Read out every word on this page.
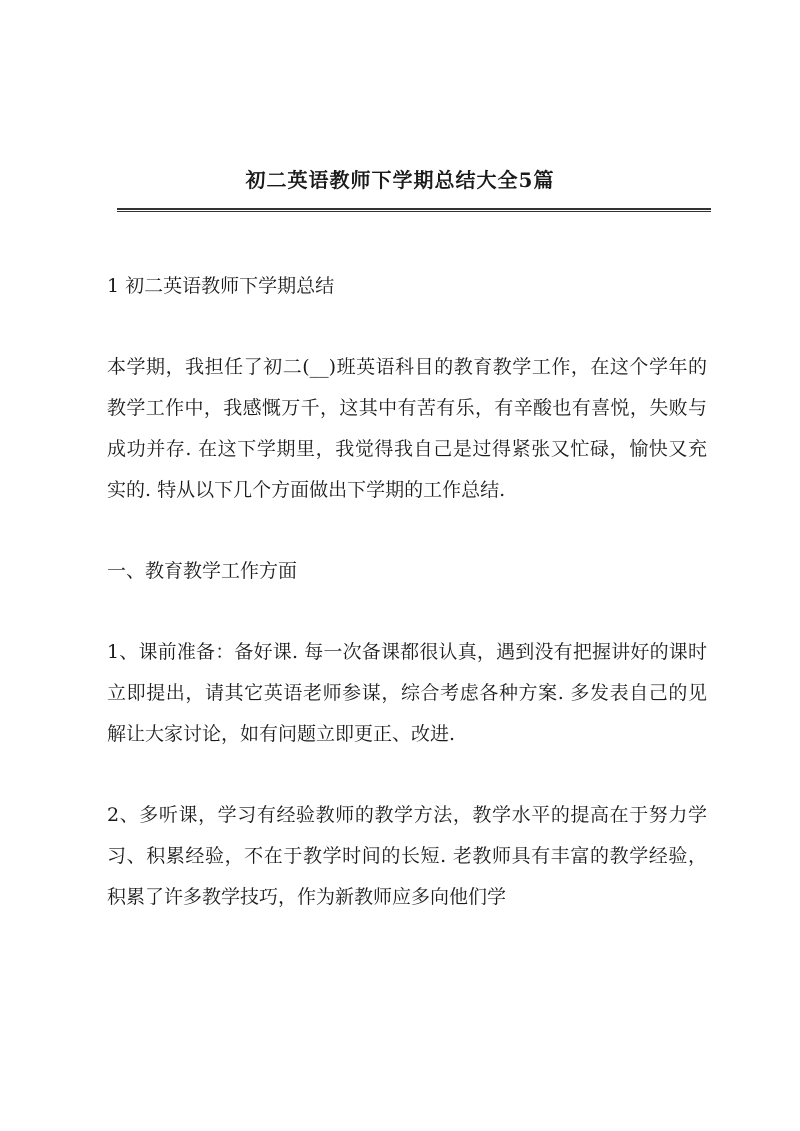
初二英语教师下学期总结大全5篇

1 初二英语教师下学期总结

本学期，我担任了初二(__)班英语科目的教育教学工作，在这个学年的教学工作中，我感慨万千，这其中有苦有乐，有辛酸也有喜悦，失败与成功并存. 在这下学期里，我觉得我自己是过得紧张又忙碌，愉快又充实的. 特从以下几个方面做出下学期的工作总结.

一、教育教学工作方面

1、课前准备：备好课. 每一次备课都很认真，遇到没有把握讲好的课时立即提出，请其它英语老师参谋，综合考虑各种方案. 多发表自己的见解让大家讨论，如有问题立即更正、改进.

2、多听课，学习有经验教师的教学方法，教学水平的提高在于努力学习、积累经验，不在于教学时间的长短. 老教师具有丰富的教学经验，积累了许多教学技巧，作为新教师应多向他们学
